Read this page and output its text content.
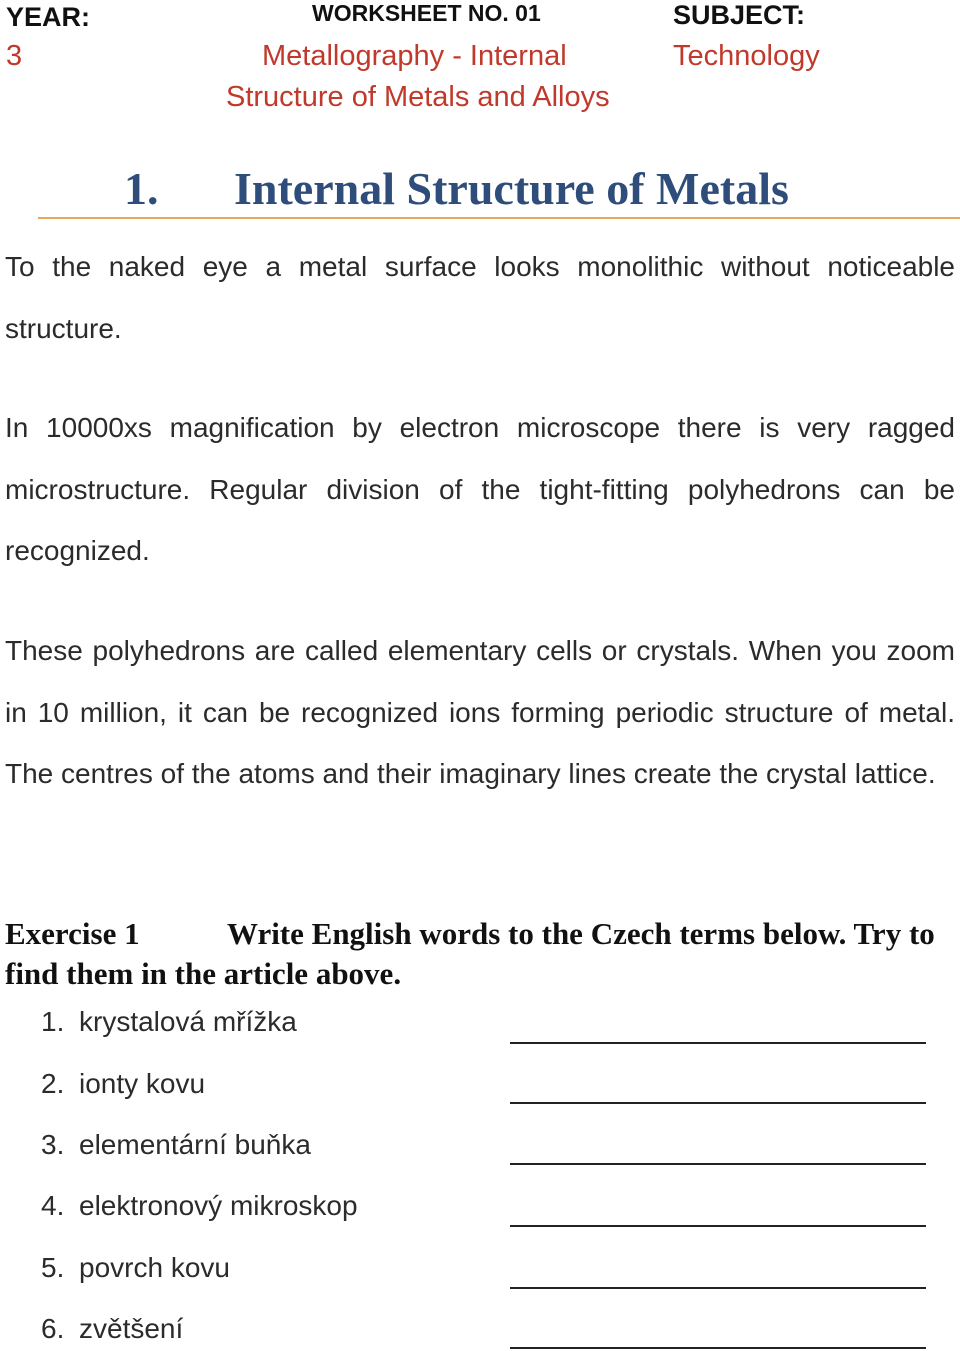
YEAR:
3
WORKSHEET NO. 01
Metallography - Internal
Structure of Metals and Alloys
SUBJECT:
Technology
1. Internal Structure of Metals

To the naked eye a metal surface looks monolithic without noticeable structure.

In 10000xs magnification by electron microscope there is very ragged microstructure. Regular division of the tight-fitting polyhedrons can be recognized.

These polyhedrons are called elementary cells or crystals. When you zoom in 10 million, it can be recognized ions forming periodic structure of metal. The centres of the atoms and their imaginary lines create the crystal lattice.

Exercise 1	Write English words to the Czech terms below. Try to find them in the article above.

1. krystalová mřížka
2. ionty kovu
3. elementární buňka
4. elektronový mikroskop
5. povrch kovu
6. zvětšení
